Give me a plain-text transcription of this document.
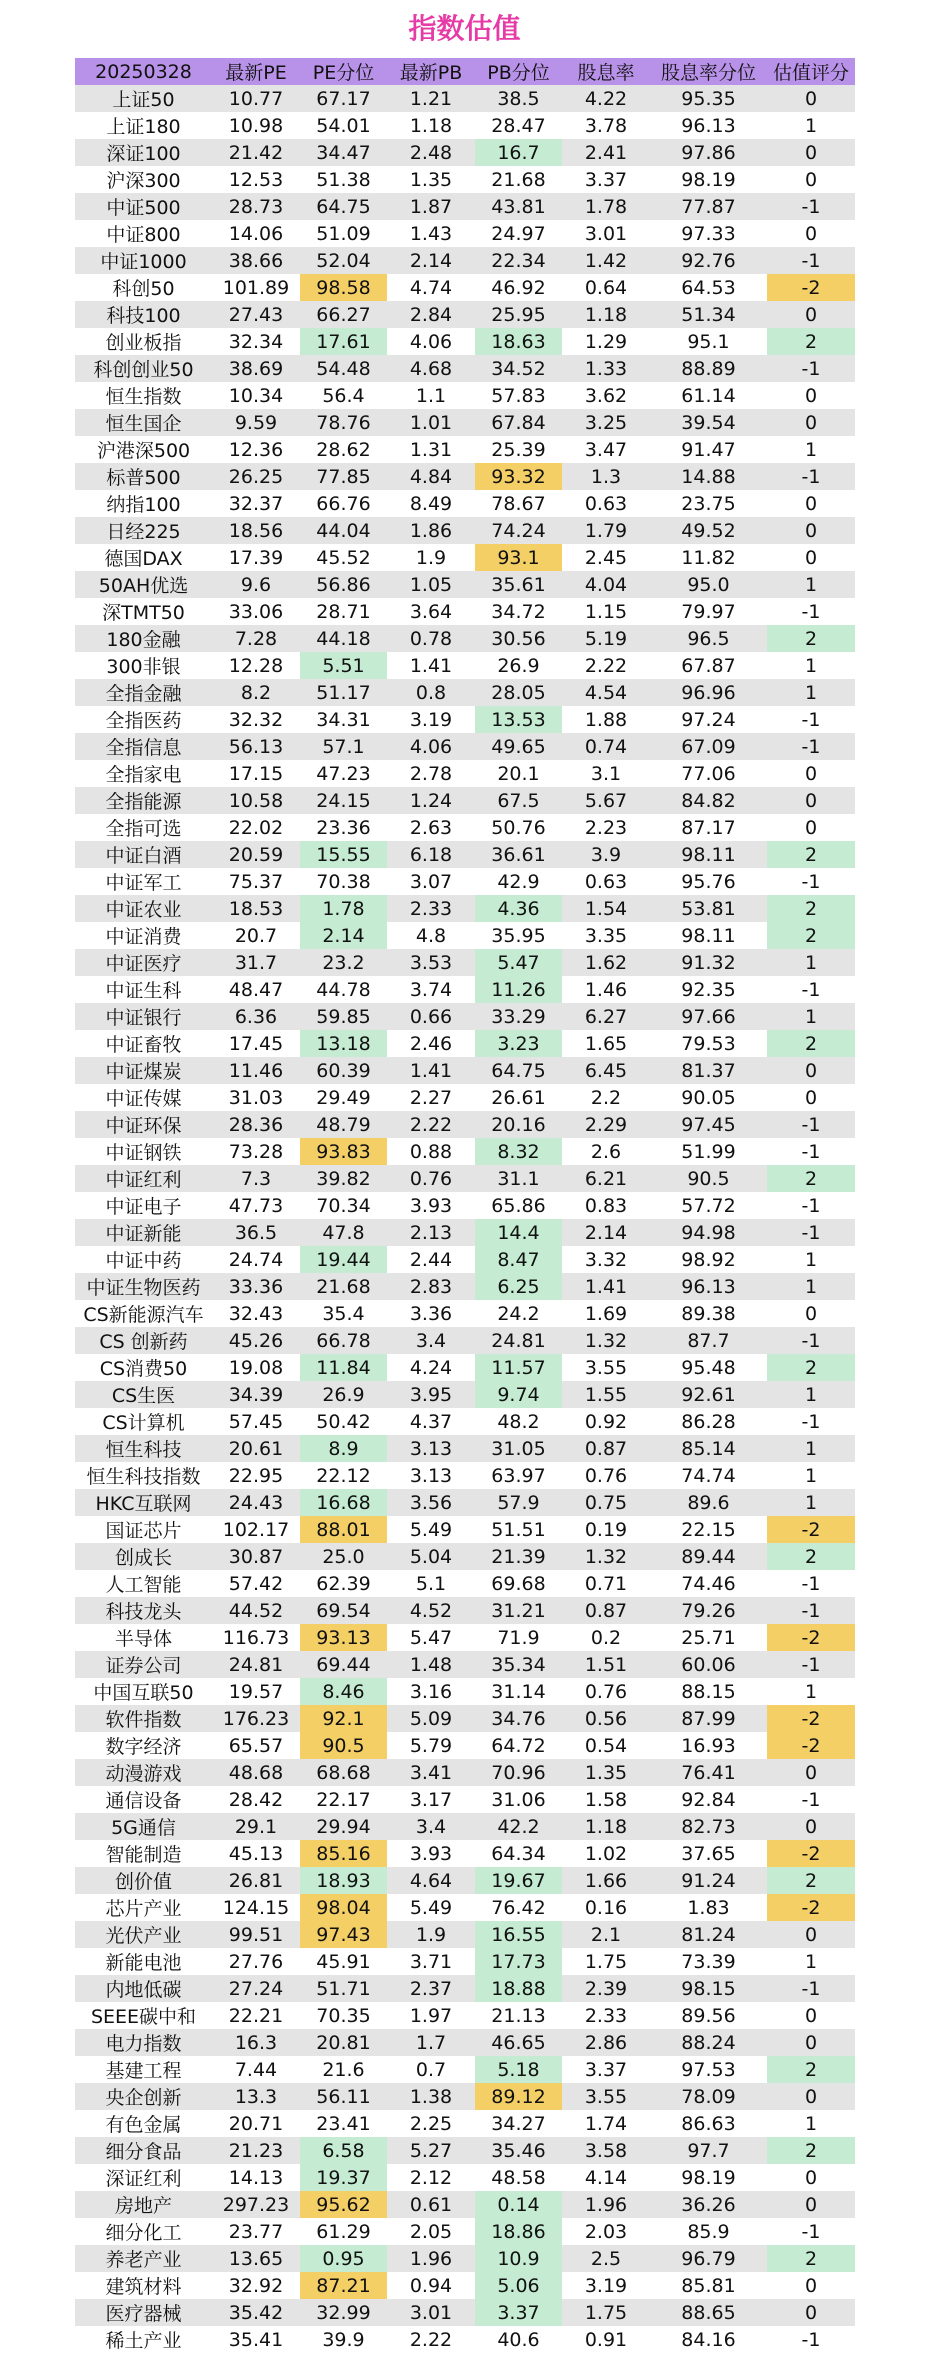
指数估值
20250328	最新PE	PE分位	最新PB	PB分位	股息率	股息率分位	估值评分
上证50	10.77	67.17	1.21	38.5	4.22	95.35	0
上证180	10.98	54.01	1.18	28.47	3.78	96.13	1
深证100	21.42	34.47	2.48	16.7	2.41	97.86	0
沪深300	12.53	51.38	1.35	21.68	3.37	98.19	0
中证500	28.73	64.75	1.87	43.81	1.78	77.87	-1
中证800	14.06	51.09	1.43	24.97	3.01	97.33	0
中证1000	38.66	52.04	2.14	22.34	1.42	92.76	-1
科创50	101.89	98.58	4.74	46.92	0.64	64.53	-2
科技100	27.43	66.27	2.84	25.95	1.18	51.34	0
创业板指	32.34	17.61	4.06	18.63	1.29	95.1	2
科创创业50	38.69	54.48	4.68	34.52	1.33	88.89	-1
恒生指数	10.34	56.4	1.1	57.83	3.62	61.14	0
恒生国企	9.59	78.76	1.01	67.84	3.25	39.54	0
沪港深500	12.36	28.62	1.31	25.39	3.47	91.47	1
标普500	26.25	77.85	4.84	93.32	1.3	14.88	-1
纳指100	32.37	66.76	8.49	78.67	0.63	23.75	0
日经225	18.56	44.04	1.86	74.24	1.79	49.52	0
德国DAX	17.39	45.52	1.9	93.1	2.45	11.82	0
50AH优选	9.6	56.86	1.05	35.61	4.04	95.0	1
深TMT50	33.06	28.71	3.64	34.72	1.15	79.97	-1
180金融	7.28	44.18	0.78	30.56	5.19	96.5	2
300非银	12.28	5.51	1.41	26.9	2.22	67.87	1
全指金融	8.2	51.17	0.8	28.05	4.54	96.96	1
全指医药	32.32	34.31	3.19	13.53	1.88	97.24	-1
全指信息	56.13	57.1	4.06	49.65	0.74	67.09	-1
全指家电	17.15	47.23	2.78	20.1	3.1	77.06	0
全指能源	10.58	24.15	1.24	67.5	5.67	84.82	0
全指可选	22.02	23.36	2.63	50.76	2.23	87.17	0
中证白酒	20.59	15.55	6.18	36.61	3.9	98.11	2
中证军工	75.37	70.38	3.07	42.9	0.63	95.76	-1
中证农业	18.53	1.78	2.33	4.36	1.54	53.81	2
中证消费	20.7	2.14	4.8	35.95	3.35	98.11	2
中证医疗	31.7	23.2	3.53	5.47	1.62	91.32	1
中证生科	48.47	44.78	3.74	11.26	1.46	92.35	-1
中证银行	6.36	59.85	0.66	33.29	6.27	97.66	1
中证畜牧	17.45	13.18	2.46	3.23	1.65	79.53	2
中证煤炭	11.46	60.39	1.41	64.75	6.45	81.37	0
中证传媒	31.03	29.49	2.27	26.61	2.2	90.05	0
中证环保	28.36	48.79	2.22	20.16	2.29	97.45	-1
中证钢铁	73.28	93.83	0.88	8.32	2.6	51.99	-1
中证红利	7.3	39.82	0.76	31.1	6.21	90.5	2
中证电子	47.73	70.34	3.93	65.86	0.83	57.72	-1
中证新能	36.5	47.8	2.13	14.4	2.14	94.98	-1
中证中药	24.74	19.44	2.44	8.47	3.32	98.92	1
中证生物医药	33.36	21.68	2.83	6.25	1.41	96.13	1
CS新能源汽车	32.43	35.4	3.36	24.2	1.69	89.38	0
CS 创新药	45.26	66.78	3.4	24.81	1.32	87.7	-1
CS消费50	19.08	11.84	4.24	11.57	3.55	95.48	2
CS生医	34.39	26.9	3.95	9.74	1.55	92.61	1
CS计算机	57.45	50.42	4.37	48.2	0.92	86.28	-1
恒生科技	20.61	8.9	3.13	31.05	0.87	85.14	1
恒生科技指数	22.95	22.12	3.13	63.97	0.76	74.74	1
HKC互联网	24.43	16.68	3.56	57.9	0.75	89.6	1
国证芯片	102.17	88.01	5.49	51.51	0.19	22.15	-2
创成长	30.87	25.0	5.04	21.39	1.32	89.44	2
人工智能	57.42	62.39	5.1	69.68	0.71	74.46	-1
科技龙头	44.52	69.54	4.52	31.21	0.87	79.26	-1
半导体	116.73	93.13	5.47	71.9	0.2	25.71	-2
证券公司	24.81	69.44	1.48	35.34	1.51	60.06	-1
中国互联50	19.57	8.46	3.16	31.14	0.76	88.15	1
软件指数	176.23	92.1	5.09	34.76	0.56	87.99	-2
数字经济	65.57	90.5	5.79	64.72	0.54	16.93	-2
动漫游戏	48.68	68.68	3.41	70.96	1.35	76.41	0
通信设备	28.42	22.17	3.17	31.06	1.58	92.84	-1
5G通信	29.1	29.94	3.4	42.2	1.18	82.73	0
智能制造	45.13	85.16	3.93	64.34	1.02	37.65	-2
创价值	26.81	18.93	4.64	19.67	1.66	91.24	2
芯片产业	124.15	98.04	5.49	76.42	0.16	1.83	-2
光伏产业	99.51	97.43	1.9	16.55	2.1	81.24	0
新能电池	27.76	45.91	3.71	17.73	1.75	73.39	1
内地低碳	27.24	51.71	2.37	18.88	2.39	98.15	-1
SEEE碳中和	22.21	70.35	1.97	21.13	2.33	89.56	0
电力指数	16.3	20.81	1.7	46.65	2.86	88.24	0
基建工程	7.44	21.6	0.7	5.18	3.37	97.53	2
央企创新	13.3	56.11	1.38	89.12	3.55	78.09	0
有色金属	20.71	23.41	2.25	34.27	1.74	86.63	1
细分食品	21.23	6.58	5.27	35.46	3.58	97.7	2
深证红利	14.13	19.37	2.12	48.58	4.14	98.19	0
房地产	297.23	95.62	0.61	0.14	1.96	36.26	0
细分化工	23.77	61.29	2.05	18.86	2.03	85.9	-1
养老产业	13.65	0.95	1.96	10.9	2.5	96.79	2
建筑材料	32.92	87.21	0.94	5.06	3.19	85.81	0
医疗器械	35.42	32.99	3.01	3.37	1.75	88.65	0
稀土产业	35.41	39.9	2.22	40.6	0.91	84.16	-1
